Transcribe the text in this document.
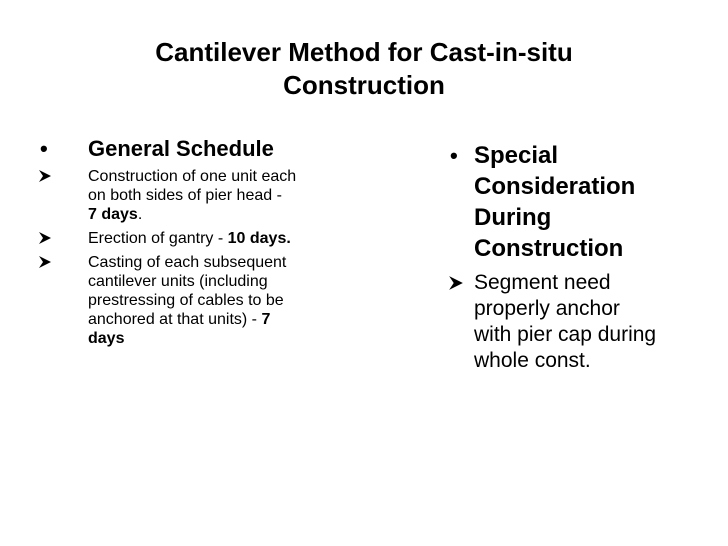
Cantilever Method for Cast-in-situ
Construction
• General Schedule
Construction of one unit each
on both sides of pier head -
7 days.
Erection of gantry - 10 days.
Casting of each subsequent
cantilever units (including
prestressing of cables to be
anchored at that units) - 7
days
• Special
Consideration
During
Construction
Segment need
properly anchor
with pier cap during
whole const.
